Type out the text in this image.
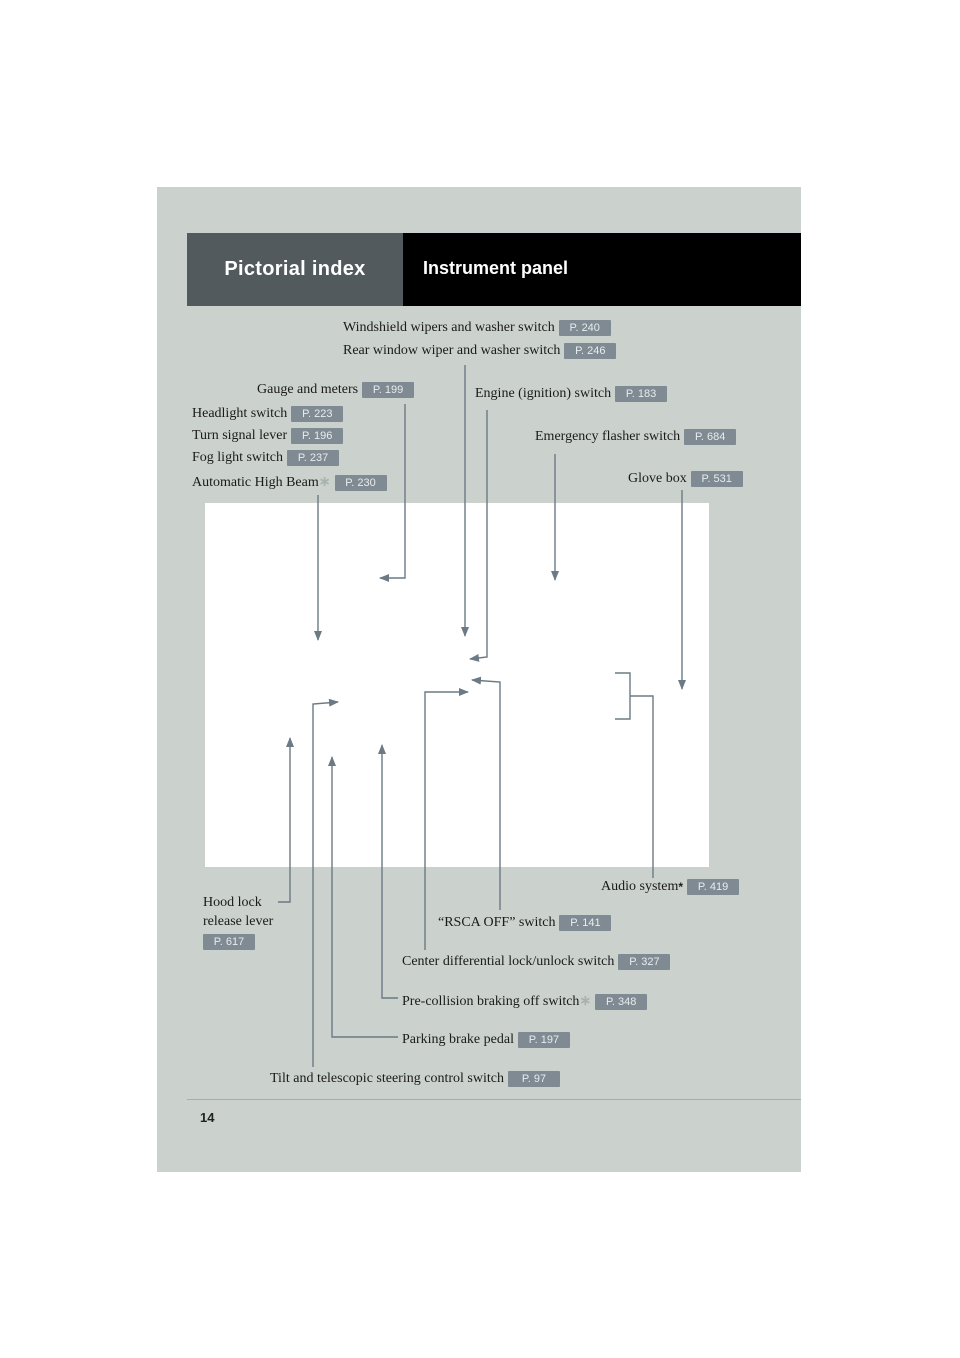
Pictorial index	Instrument panel
Windshield wipers and washer switch P. 240
Rear window wiper and washer switch P. 246
Gauge and meters P. 199	Engine (ignition) switch P. 183
Headlight switch P. 223
Turn signal lever P. 196	Emergency flasher switch P. 684
Fog light switch P. 237
Automatic High Beam∗ P. 230	Glove box P. 531
Audio system* P. 419
Hood lock
release lever
P. 617
“RSCA OFF” switch P. 141
Center differential lock/unlock switch P. 327
Pre-collision braking off switch∗ P. 348
Parking brake pedal P. 197
Tilt and telescopic steering control switch P. 97
14
